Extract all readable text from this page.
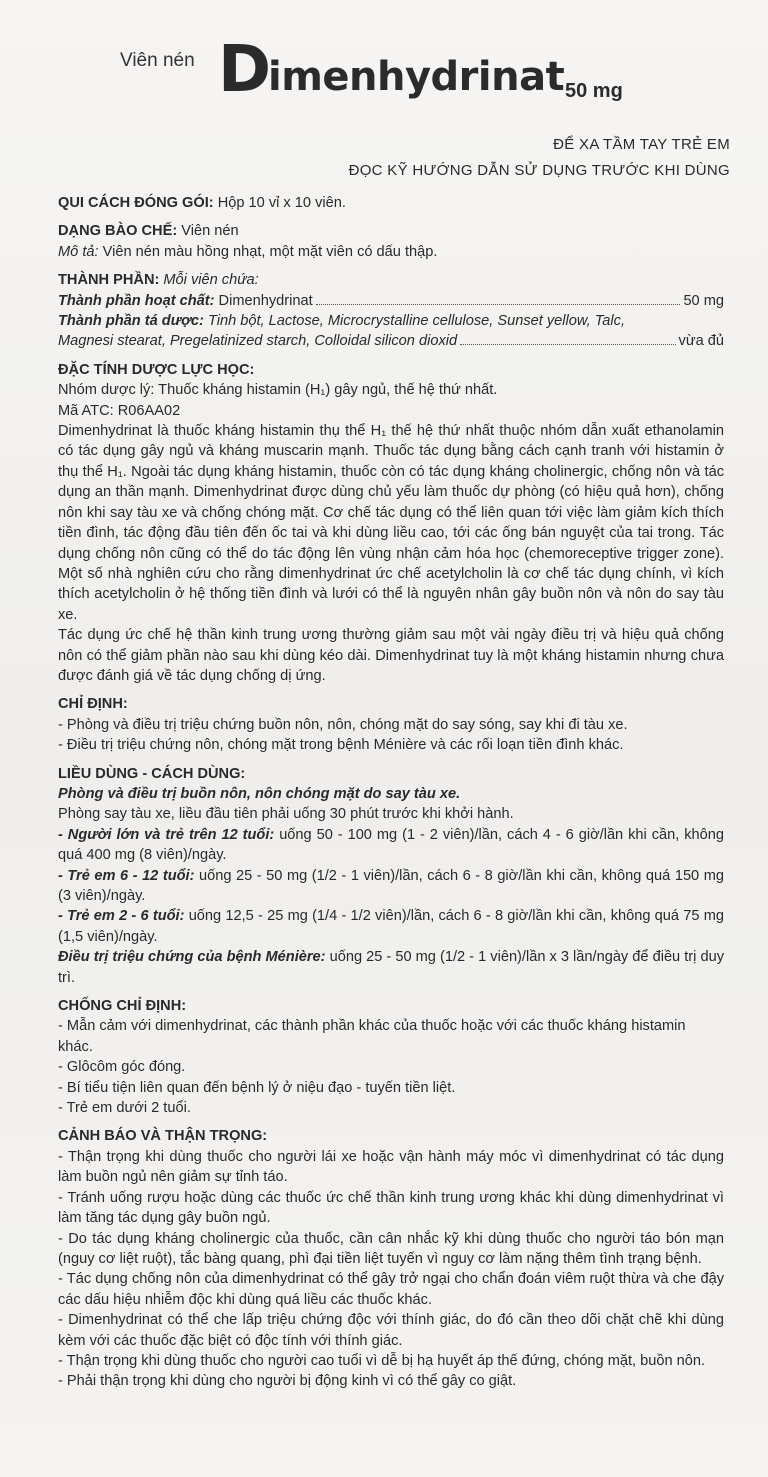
Viên nén D
imenhydrinat 50 mg
ĐỂ XA TẦM TAY TRẺ EM
ĐỌC KỸ HƯỚNG DẪN SỬ DỤNG TRƯỚC KHI DÙNG

QUI CÁCH ĐÓNG GÓI: Hộp 10 vỉ x 10 viên.

DẠNG BÀO CHẾ: Viên nén

Mô tả: Viên nén màu hồng nhạt, một mặt viên có dấu thập.

THÀNH PHẦN: Mỗi viên chứa:

Thành phần hoạt chất: Dimenhydrinat	50 mg

Thành phần tá dược: Tinh bột, Lactose, Microcrystalline cellulose, Sunset yellow, Talc,

Magnesi stearat, Pregelatinized starch, Colloidal silicon dioxid	vừa đủ

ĐẶC TÍNH DƯỢC LỰC HỌC:

Nhóm dược lý: Thuốc kháng histamin (H₁) gây ngủ, thế hệ thứ nhất.

Mã ATC: R06AA02

Dimenhydrinat là thuốc kháng histamin thụ thể H₁ thế hệ thứ nhất thuộc nhóm dẫn xuất ethanolamin có tác dụng gây ngủ và kháng muscarin mạnh. Thuốc tác dụng bằng cách cạnh tranh với histamin ở thụ thể H₁. Ngoài tác dụng kháng histamin, thuốc còn có tác dụng kháng cholinergic, chống nôn và tác dụng an thần mạnh. Dimenhydrinat được dùng chủ yếu làm thuốc dự phòng (có hiệu quả hơn), chống nôn khi say tàu xe và chống chóng mặt. Cơ chế tác dụng có thể liên quan tới việc làm giảm kích thích tiền đình, tác động đầu tiên đến ốc tai và khi dùng liều cao, tới các ống bán nguyệt của tai trong. Tác dụng chống nôn cũng có thể do tác động lên vùng nhận cảm hóa học (chemoreceptive trigger zone). Một số nhà nghiên cứu cho rằng dimenhydrinat ức chế acetylcholin là cơ chế tác dụng chính, vì kích thích acetylcholin ở hệ thống tiền đình và lưới có thể là nguyên nhân gây buồn nôn và nôn do say tàu xe.

Tác dụng ức chế hệ thần kinh trung ương thường giảm sau một vài ngày điều trị và hiệu quả chống nôn có thể giảm phần nào sau khi dùng kéo dài. Dimenhydrinat tuy là một kháng histamin nhưng chưa được đánh giá về tác dụng chống dị ứng.

CHỈ ĐỊNH:

- Phòng và điều trị triệu chứng buồn nôn, nôn, chóng mặt do say sóng, say khi đi tàu xe.

- Điều trị triệu chứng nôn, chóng mặt trong bệnh Ménière và các rối loạn tiền đình khác.

LIỀU DÙNG - CÁCH DÙNG:

Phòng và điều trị buồn nôn, nôn chóng mặt do say tàu xe.

Phòng say tàu xe, liều đầu tiên phải uống 30 phút trước khi khởi hành.

- Người lớn và trẻ trên 12 tuổi: uống 50 - 100 mg (1 - 2 viên)/lần, cách 4 - 6 giờ/lần khi cần, không quá 400 mg (8 viên)/ngày.

- Trẻ em 6 - 12 tuổi: uống 25 - 50 mg (1/2 - 1 viên)/lần, cách 6 - 8 giờ/lần khi cần, không quá 150 mg (3 viên)/ngày.

- Trẻ em 2 - 6 tuổi: uống 12,5 - 25 mg (1/4 - 1/2 viên)/lần, cách 6 - 8 giờ/lần khi cần, không quá 75 mg (1,5 viên)/ngày.

Điều trị triệu chứng của bệnh Ménière: uống 25 - 50 mg (1/2 - 1 viên)/lần x 3 lần/ngày để điều trị duy trì.

CHỐNG CHỈ ĐỊNH:

- Mẫn cảm với dimenhydrinat, các thành phần khác của thuốc hoặc với các thuốc kháng histamin khác.

- Glôcôm góc đóng.

- Bí tiểu tiện liên quan đến bệnh lý ở niệu đạo - tuyến tiền liệt.

- Trẻ em dưới 2 tuổi.

CẢNH BÁO VÀ THẬN TRỌNG:

- Thận trọng khi dùng thuốc cho người lái xe hoặc vận hành máy móc vì dimenhydrinat có tác dụng làm buồn ngủ nên giảm sự tỉnh táo.

- Tránh uống rượu hoặc dùng các thuốc ức chế thần kinh trung ương khác khi dùng dimenhydrinat vì làm tăng tác dụng gây buồn ngủ.

- Do tác dụng kháng cholinergic của thuốc, cần cân nhắc kỹ khi dùng thuốc cho người táo bón mạn (nguy cơ liệt ruột), tắc bàng quang, phì đại tiền liệt tuyến vì nguy cơ làm nặng thêm tình trạng bệnh.

- Tác dụng chống nôn của dimenhydrinat có thể gây trở ngại cho chẩn đoán viêm ruột thừa và che đậy các dấu hiệu nhiễm độc khi dùng quá liều các thuốc khác.

- Dimenhydrinat có thể che lấp triệu chứng độc với thính giác, do đó cần theo dõi chặt chẽ khi dùng kèm với các thuốc đặc biệt có độc tính với thính giác.

- Thận trọng khi dùng thuốc cho người cao tuổi vì dễ bị hạ huyết áp thế đứng, chóng mặt, buồn nôn.

- Phải thận trọng khi dùng cho người bị động kinh vì có thể gây co giật.
